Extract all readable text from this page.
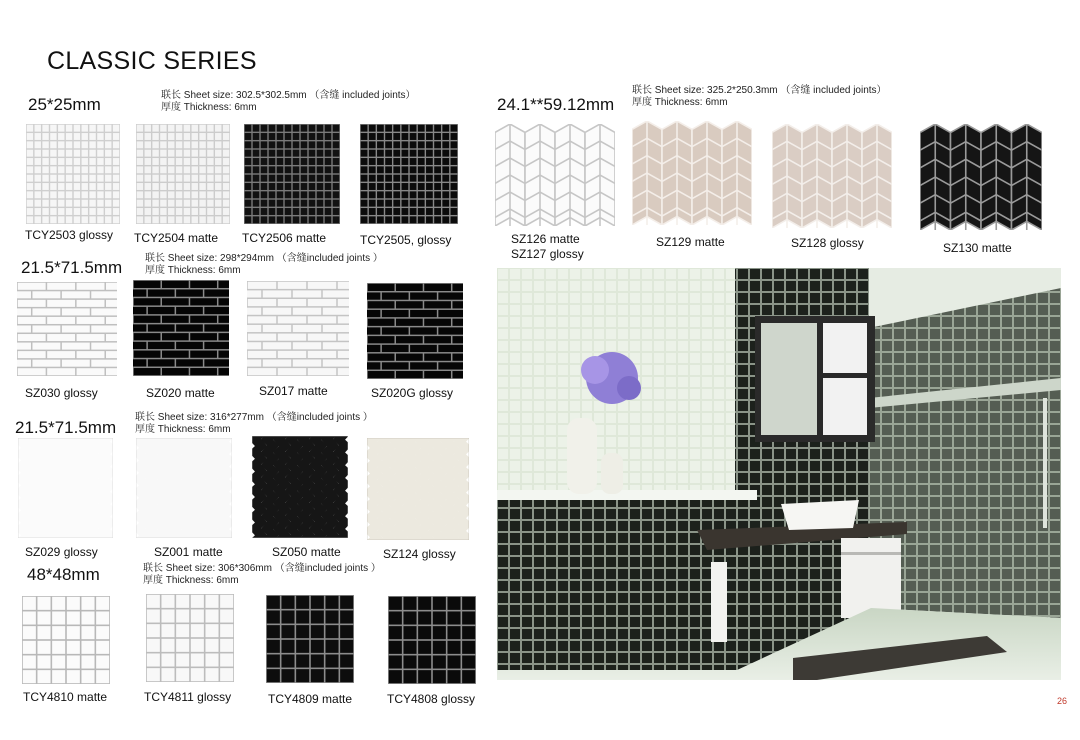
CLASSIC SERIES
25*25mm	联长 Sheet size: 302.5*302.5mm （含缝 included joints）
厚度 Thickness: 6mm
TCY2503 glossy TCY2504 matte TCY2506 matte	TCY2505, glossy
24.1**59.12mm
联长 Sheet size: 325.2*250.3mm （含缝 included joints）
厚度 Thickness: 6mm
SZ126 matte
SZ127 glossy
SZ129 matte	SZ128 glossy	SZ130 matte
21.5*71.5mm 联长 Sheet size: 298*294mm （含缝included joints ）
厚度 Thickness: 6mm
SZ030 glossy	SZ020 matte	SZ017 matte	SZ020G glossy
21.5*71.5mm
联长 Sheet size: 316*277mm （含缝included joints ）
厚度 Thickness: 6mm
SZ029 glossy	SZ001 matte	SZ050 matte	SZ124 glossy
48*48mm	联长 Sheet size: 306*306mm （含缝included joints ）
厚度 Thickness: 6mm
TCY4810 matte	TCY4811 glossy	TCY4809 matte	TCY4808 glossy	26
